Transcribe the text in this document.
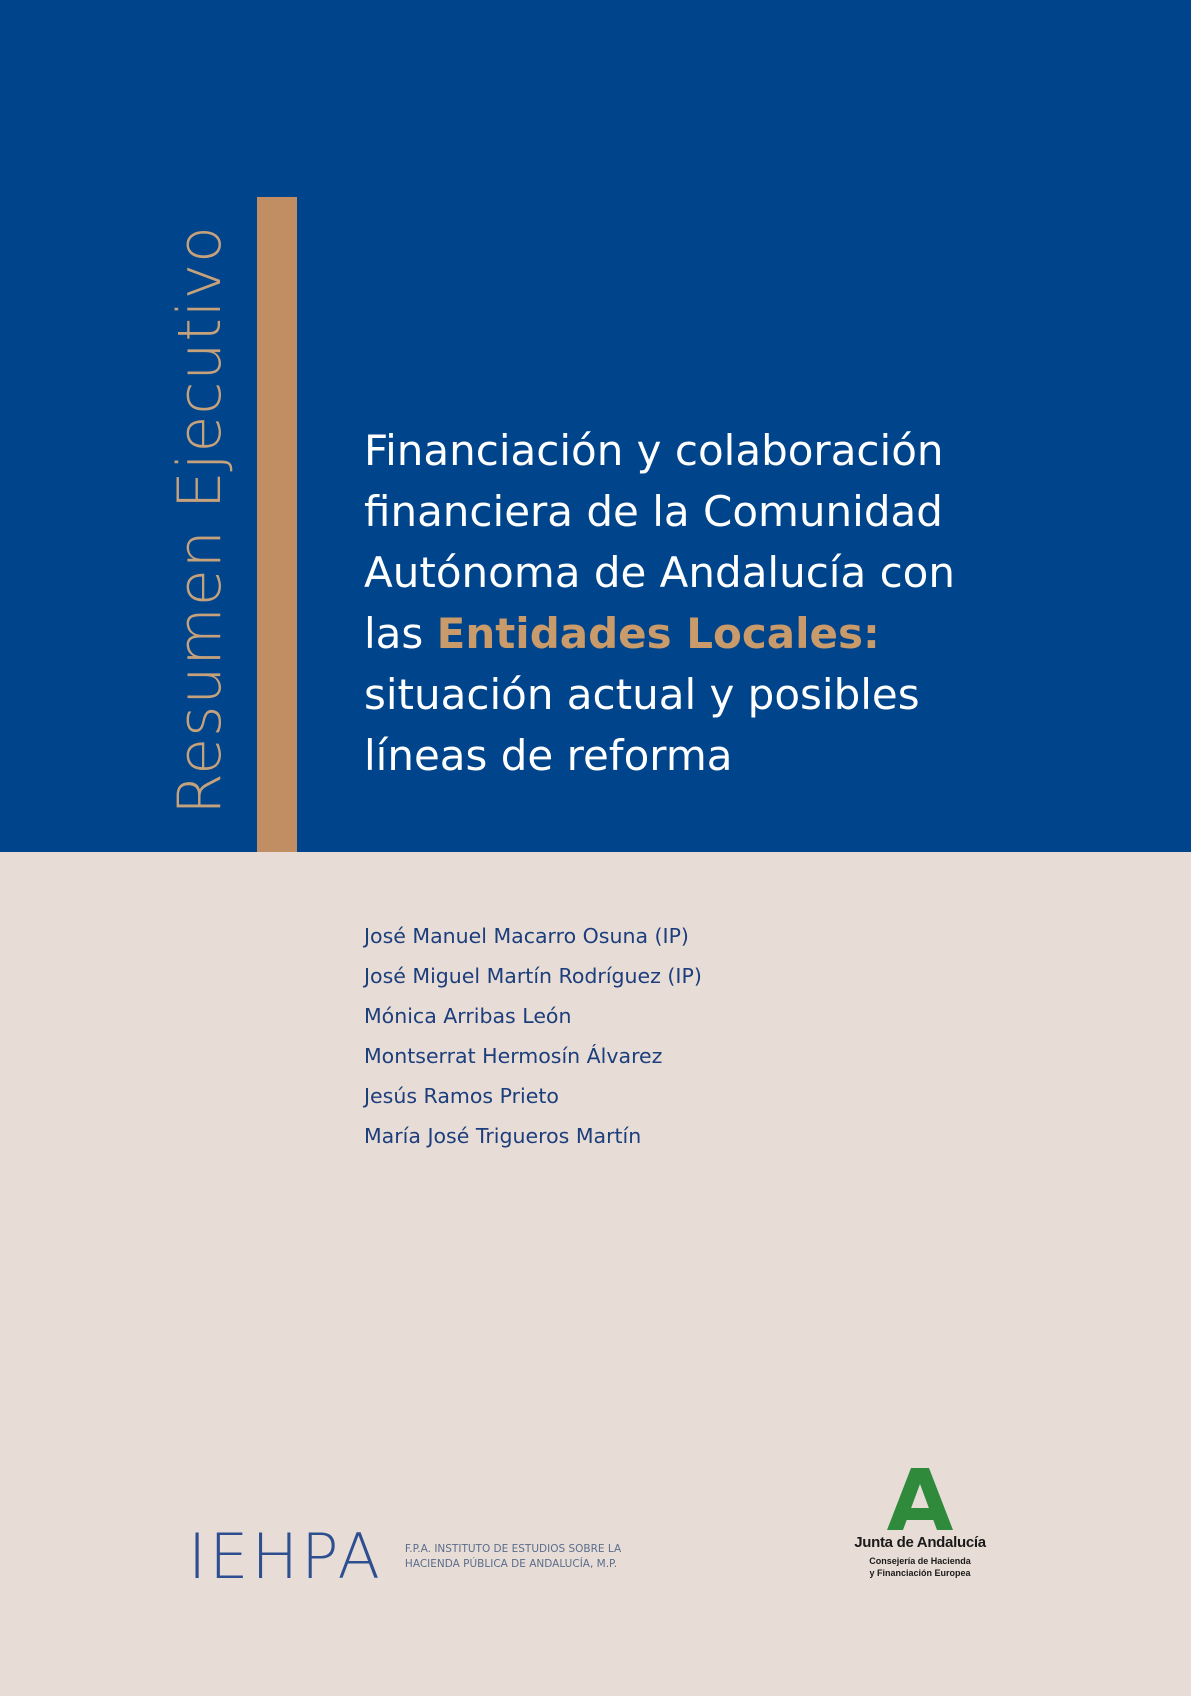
Resumen Ejecutivo	Financiación y colaboración
financiera de la Comunidad
Autónoma de Andalucía con
las Entidades Locales:
situación actual y posibles
líneas de reforma
José Manuel Macarro Osuna (IP)
José Miguel Martín Rodríguez (IP)
Mónica Arribas León
Montserrat Hermosín Álvarez
Jesús Ramos Prieto
María José Trigueros Martín
IEHPA F.P.A. INSTITUTO DE ESTUDIOS SOBRE LA
HACIENDA PÚBLICA DE ANDALUCÍA, M.P.
Junta de Andalucía
Consejería de Hacienda
y Financiación Europea
